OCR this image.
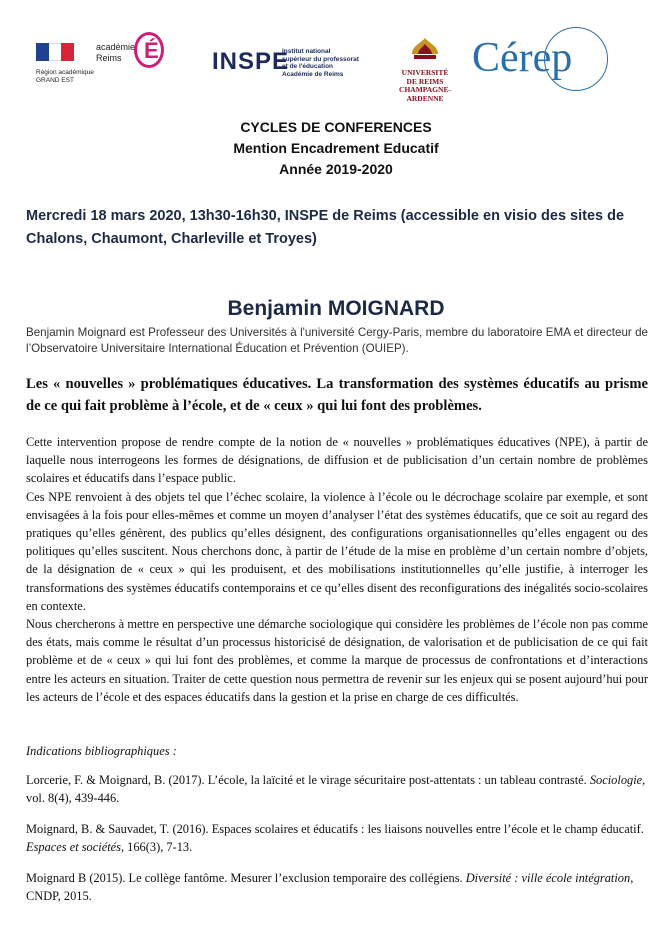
Région académique
GRAND EST
académie
Reims	É INSPE
Institut national
supérieur du professorat
et de l'éducation
Académie de Reims	UNIVERSITÉ
DE REIMS
CHAMPAGNE-ARDENNE
Cérep
CYCLES DE CONFERENCES
Mention Encadrement Educatif
Année 2019-2020
Mercredi 18 mars 2020, 13h30-16h30, INSPE de Reims (accessible en visio des sites de Chalons, Chaumont, Charleville et Troyes)
Benjamin MOIGNARD
Benjamin Moignard est Professeur des Universités à l'université Cergy-Paris, membre du laboratoire EMA et directeur de l’Observatoire Universitaire International Éducation et Prévention (OUIEP).
Les « nouvelles » problématiques éducatives. La transformation des systèmes éducatifs au prisme de ce qui fait problème à l’école, et de « ceux » qui lui font des problèmes.

Cette intervention propose de rendre compte de la notion de « nouvelles » problématiques éducatives (NPE), à partir de laquelle nous interrogeons les formes de désignations, de diffusion et de publicisation d’un certain nombre de problèmes scolaires et éducatifs dans l’espace public.

Ces NPE renvoient à des objets tel que l’échec scolaire, la violence à l’école ou le décrochage scolaire par exemple, et sont envisagées à la fois pour elles-mêmes et comme un moyen d’analyser l’état des systèmes éducatifs, que ce soit au regard des pratiques qu’elles génèrent, des publics qu’elles désignent, des configurations organisationnelles qu’elles engagent ou des politiques qu’elles suscitent. Nous cherchons donc, à partir de l’étude de la mise en problème d’un certain nombre d’objets, de la désignation de « ceux » qui les produisent, et des mobilisations institutionnelles qu’elle justifie, à interroger les transformations des systèmes éducatifs contemporains et ce qu’elles disent des reconfigurations des inégalités socio-scolaires en contexte.

Nous chercherons à mettre en perspective une démarche sociologique qui considère les problèmes de l’école non pas comme des états, mais comme le résultat d’un processus historicisé de désignation, de valorisation et de publicisation de ce qui fait problème et de « ceux » qui lui font des problèmes, et comme la marque de processus de confrontations et d’interactions entre les acteurs en situation. Traiter de cette question nous permettra de revenir sur les enjeux qui se posent aujourd’hui pour les acteurs de l’école et des espaces éducatifs dans la gestion et la prise en charge de ces difficultés.

Indications bibliographiques :
Lorcerie, F. & Moignard, B. (2017). L’école, la laïcité et le virage sécuritaire post-attentats : un tableau contrasté. Sociologie, vol. 8(4), 439-446.
Moignard, B. & Sauvadet, T. (2016). Espaces scolaires et éducatifs : les liaisons nouvelles entre l’école et le champ éducatif. Espaces et sociétés, 166(3), 7-13.
Moignard B (2015). Le collège fantôme. Mesurer l’exclusion temporaire des collégiens. Diversité : ville école intégration, CNDP, 2015.
